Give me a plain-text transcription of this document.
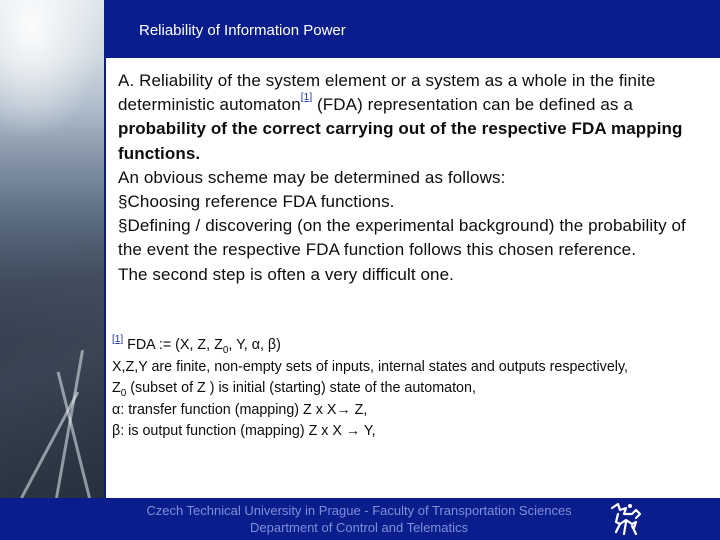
Reliability of Information Power

A. Reliability of the system element or a system as a whole in the finite deterministic automaton[1] (FDA) representation can be defined as a probability of the correct carrying out of the respective FDA mapping functions.

An obvious scheme may be determined as follows:

§Choosing reference FDA functions.

§Defining / discovering (on the experimental background) the probability of the event the respective FDA function follows this chosen reference.

The second step is often a very difficult one.

[1] FDA := (X, Z, $Z_0$, Y, α, β)

X,Z,Y are finite, non-empty sets of inputs, internal states and outputs respectively,

$Z_0$ (subset of Z ) is initial (starting) state of the automaton,

α: transfer function (mapping) Z x X→ Z,

β: is output function (mapping) Z x X → Y,

Czech Technical University in Prague - Faculty of Transportation Sciences
Department of Control and Telematics
